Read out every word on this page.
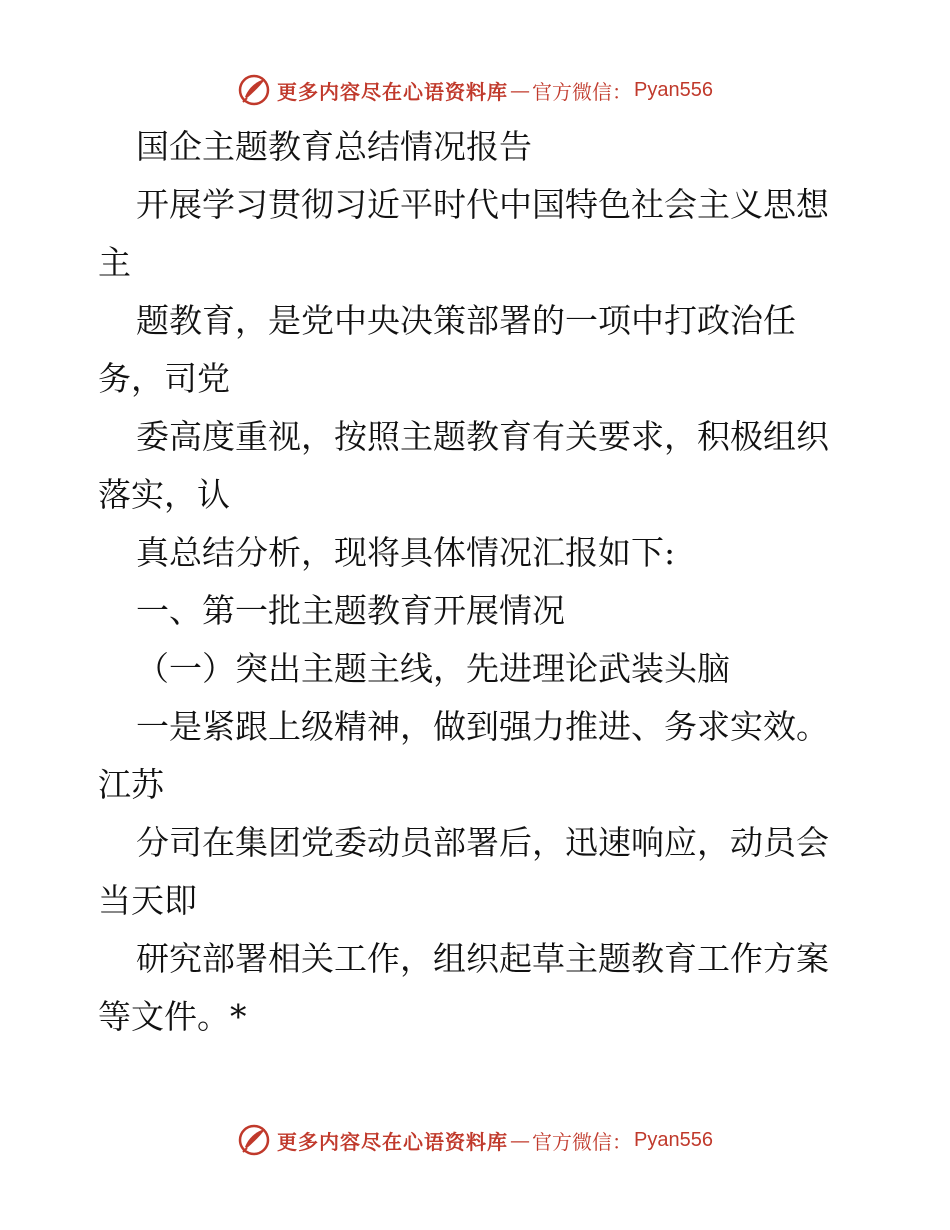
更多内容尽在心语资料库 — 官方微信： Pyan556
国企主题教育总结情况报告
开展学习贯彻习近平时代中国特色社会主义思想
主
题教育，是党中央决策部署的一项中打政治任
务，司党
委高度重视，按照主题教育有关要求，积极组织
落实，认
真总结分析，现将具体情况汇报如下:
一、第一批主题教育开展情况
（一）突出主题主线，先进理论武装头脑
一是紧跟上级精神，做到强力推进、务求实效。
江苏
分司在集团党委动员部署后，迅速响应，动员会
当天即
研究部署相关工作，组织起草主题教育工作方案
等文件。*
更多内容尽在心语资料库 — 官方微信： Pyan556
